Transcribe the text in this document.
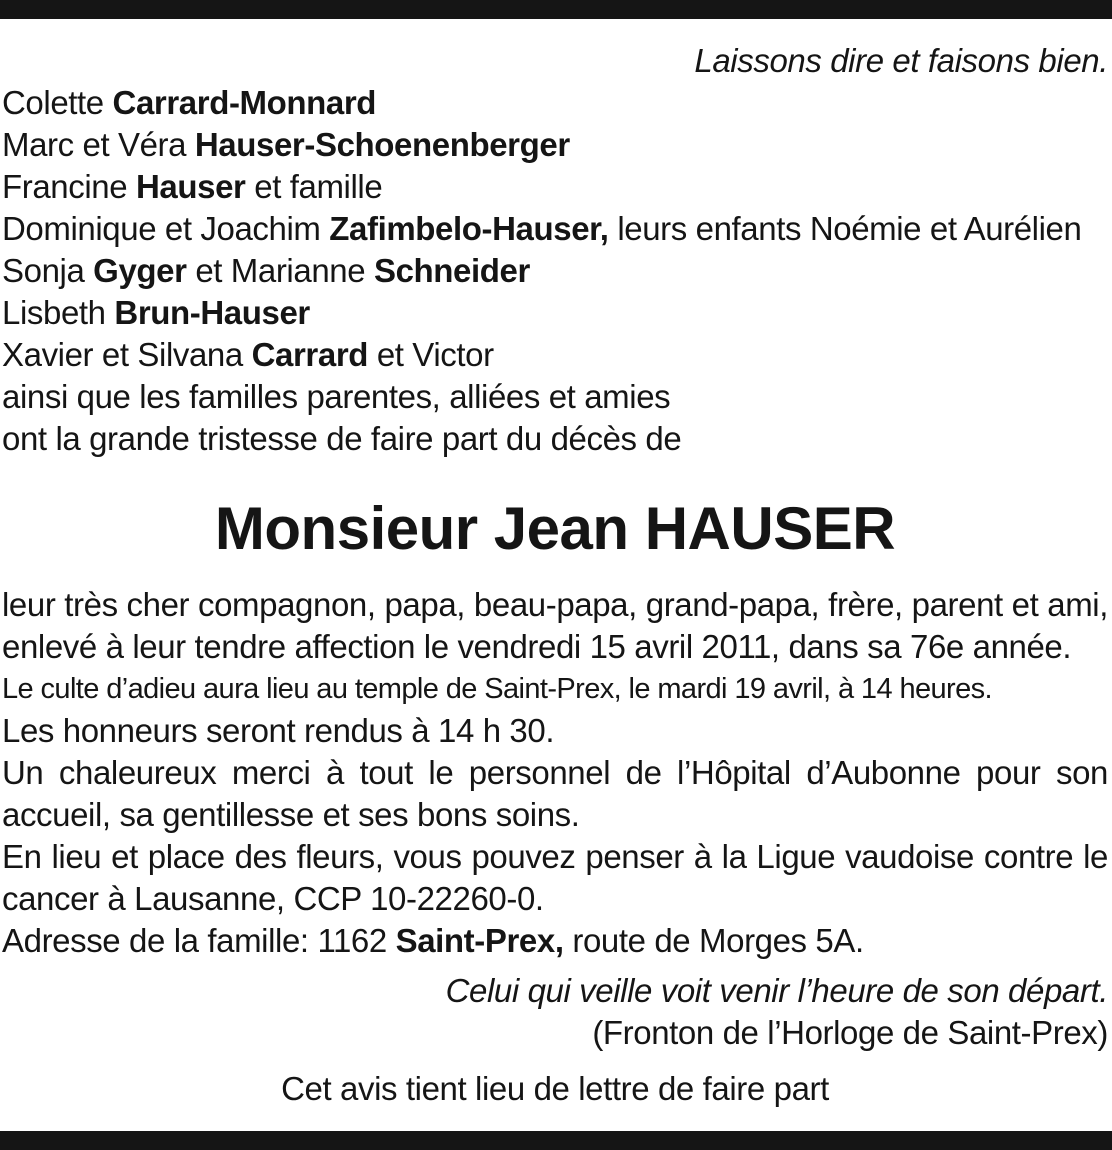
Laissons dire et faisons bien.
Colette Carrard-Monnard
Marc et Véra Hauser-Schoenenberger
Francine Hauser et famille
Dominique et Joachim Zafimbelo-Hauser, leurs enfants Noémie et Aurélien
Sonja Gyger et Marianne Schneider
Lisbeth Brun-Hauser
Xavier et Silvana Carrard et Victor
ainsi que les familles parentes, alliées et amies
ont la grande tristesse de faire part du décès de
Monsieur Jean HAUSER
leur très cher compagnon, papa, beau-papa, grand-papa, frère, parent et ami, enlevé à leur tendre affection le vendredi 15 avril 2011, dans sa 76e année.
Le culte d’adieu aura lieu au temple de Saint-Prex, le mardi 19 avril, à 14 heures.
Les honneurs seront rendus à 14 h 30.
Un chaleureux merci à tout le personnel de l’Hôpital d’Aubonne pour son accueil, sa gentillesse et ses bons soins.
En lieu et place des fleurs, vous pouvez penser à la Ligue vaudoise contre le cancer à Lausanne, CCP 10-22260-0.
Adresse de la famille: 1162 Saint-Prex, route de Morges 5A.
Celui qui veille voit venir l’heure de son départ.
(Fronton de l’Horloge de Saint-Prex)
Cet avis tient lieu de lettre de faire part
